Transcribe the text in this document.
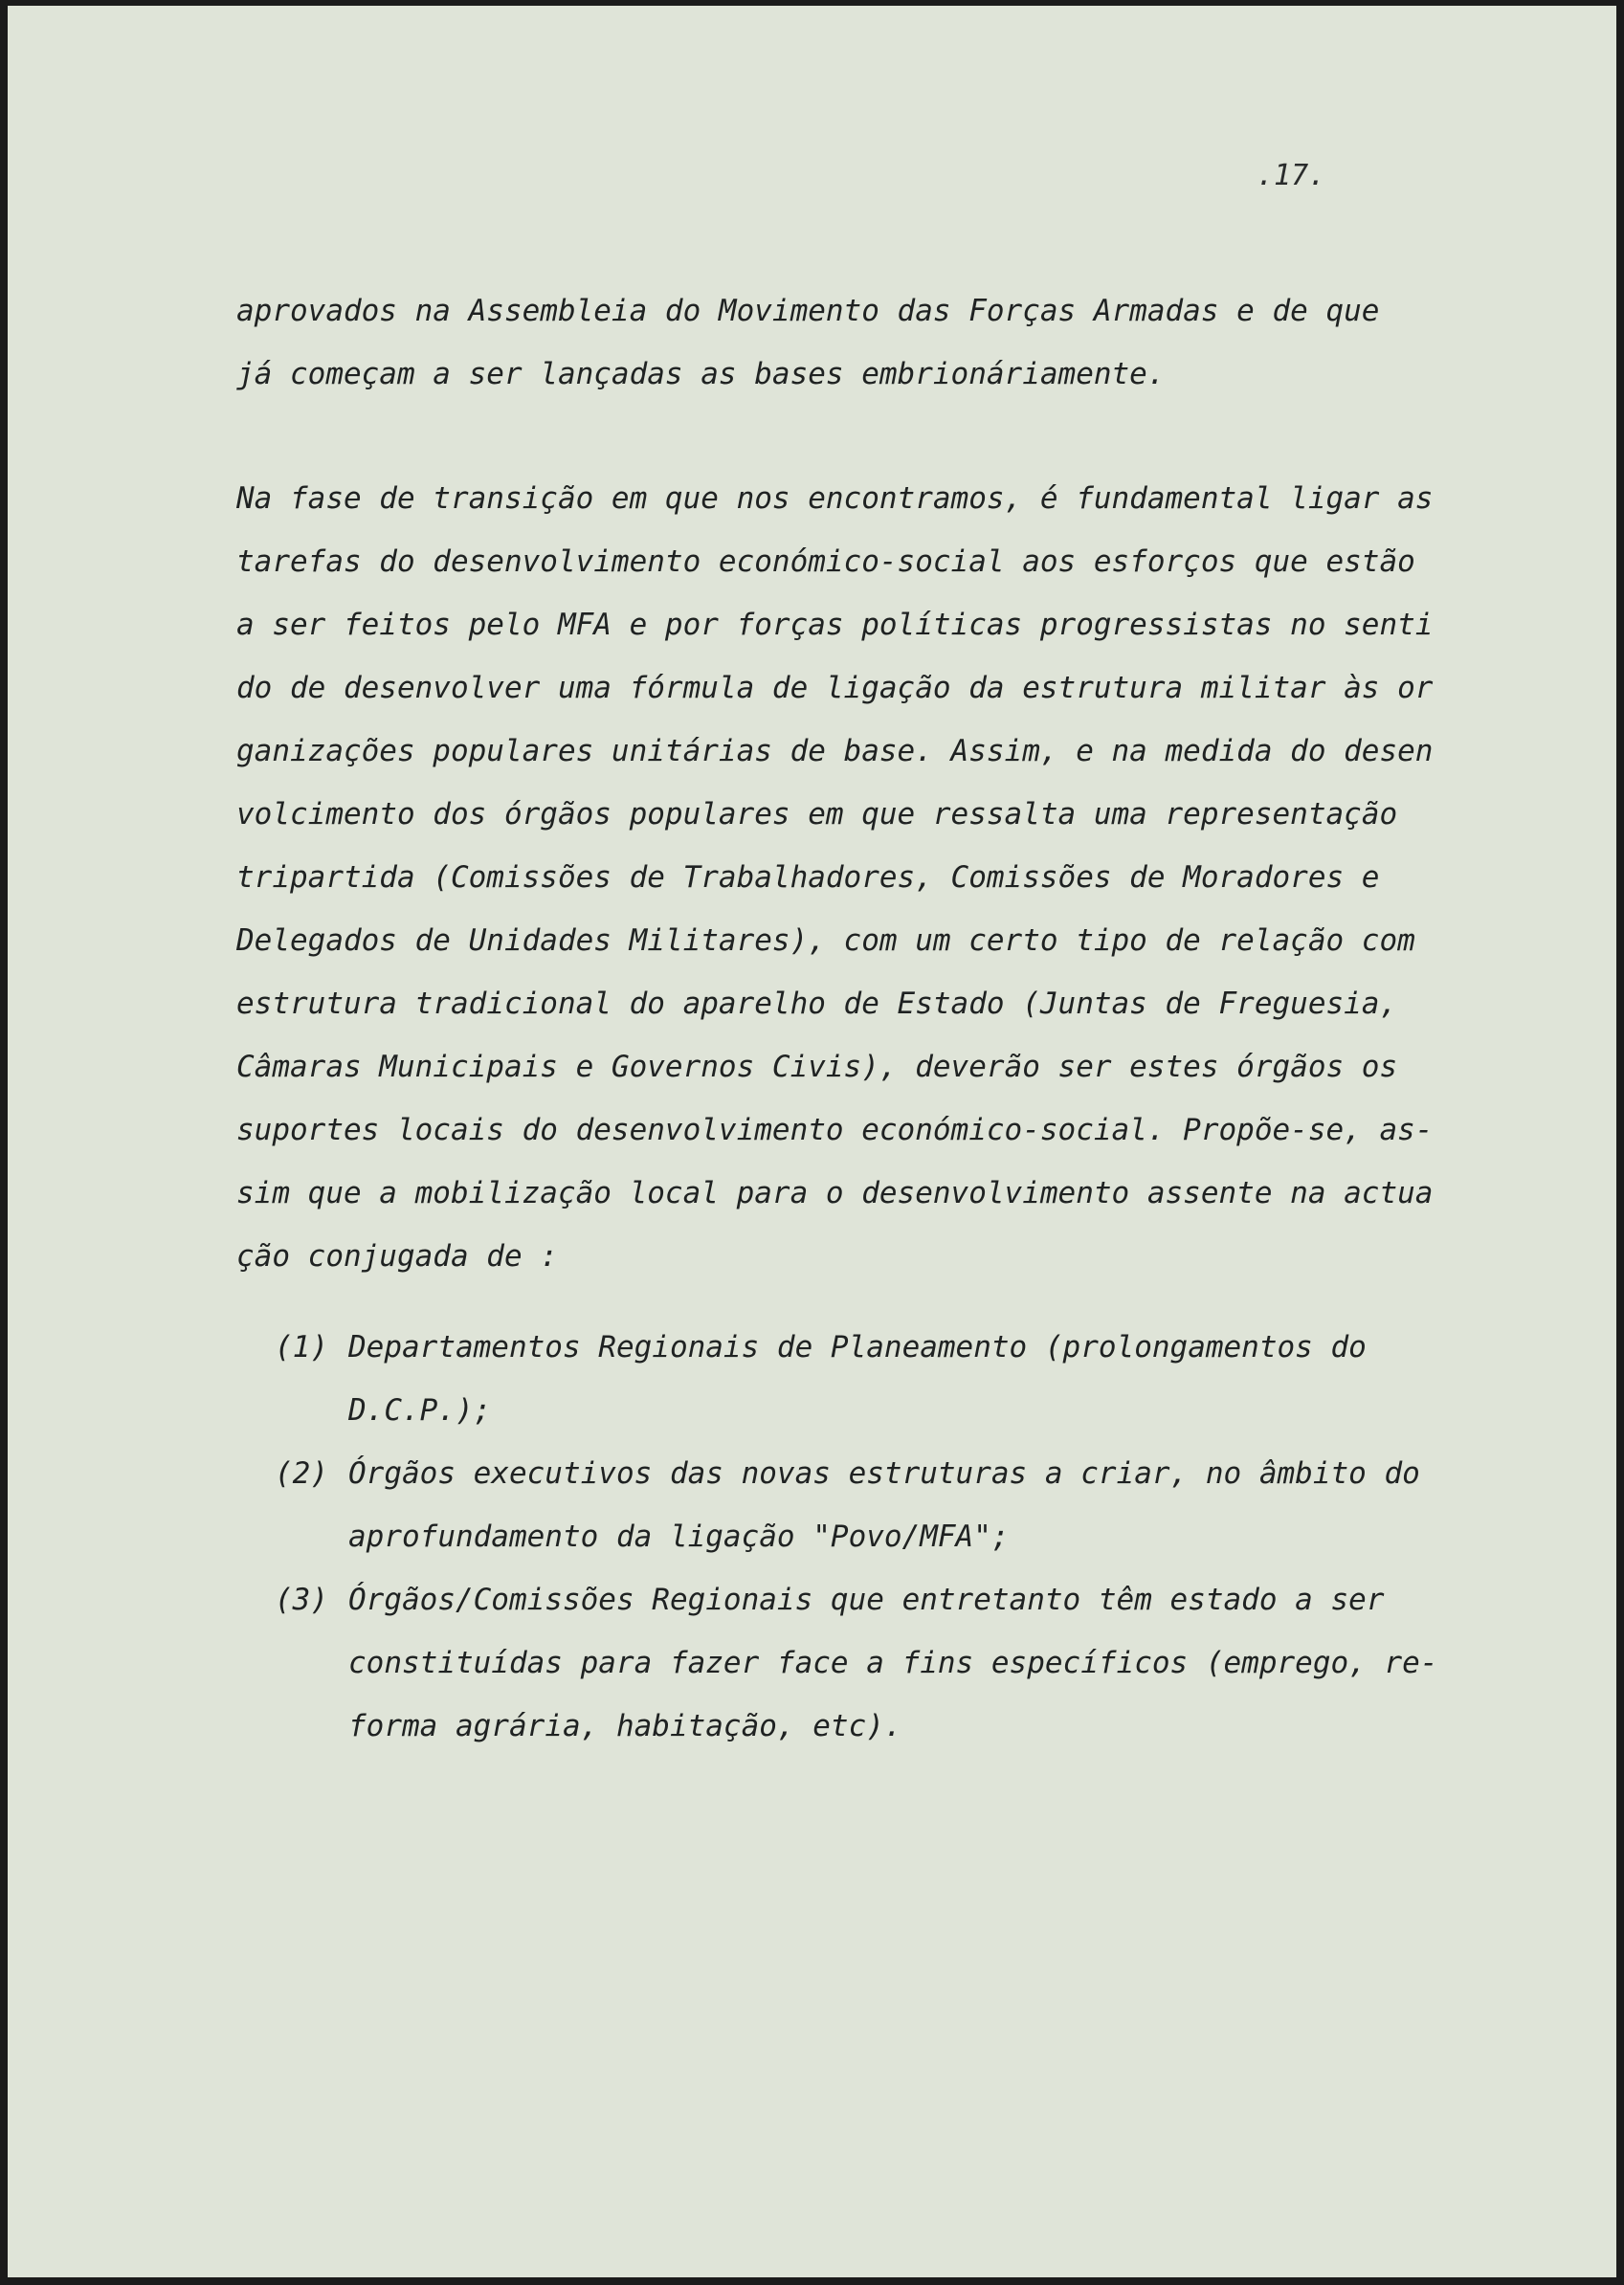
.17.
aprovados na Assembleia do Movimento das Forças Armadas e de que
já começam a ser lançadas as bases embrionáriamente.
Na fase de transição em que nos encontramos, é fundamental ligar as
tarefas do desenvolvimento económico-social aos esforços que estão
a ser feitos pelo MFA e por forças políticas progressistas no senti
do de desenvolver uma fórmula de ligação da estrutura militar às or
ganizações populares unitárias de base. Assim, e na medida do desen
volcimento dos órgãos populares em que ressalta uma representação
tripartida (Comissões de Trabalhadores, Comissões de Moradores e
Delegados de Unidades Militares), com um certo tipo de relação com
estrutura tradicional do aparelho de Estado (Juntas de Freguesia,
Câmaras Municipais e Governos Civis), deverão ser estes órgãos os
suportes locais do desenvolvimento económico-social. Propõe-se, as-
sim que a mobilização local para o desenvolvimento assente na actua
ção conjugada de :
(1) Departamentos Regionais de Planeamento (prolongamentos do
D.C.P.);
(2) Órgãos executivos das novas estruturas a criar, no âmbito do
aprofundamento da ligação "Povo/MFA";
(3) Órgãos/Comissões Regionais que entretanto têm estado a ser
constituídas para fazer face a fins específicos (emprego, re-
forma agrária, habitação, etc).
